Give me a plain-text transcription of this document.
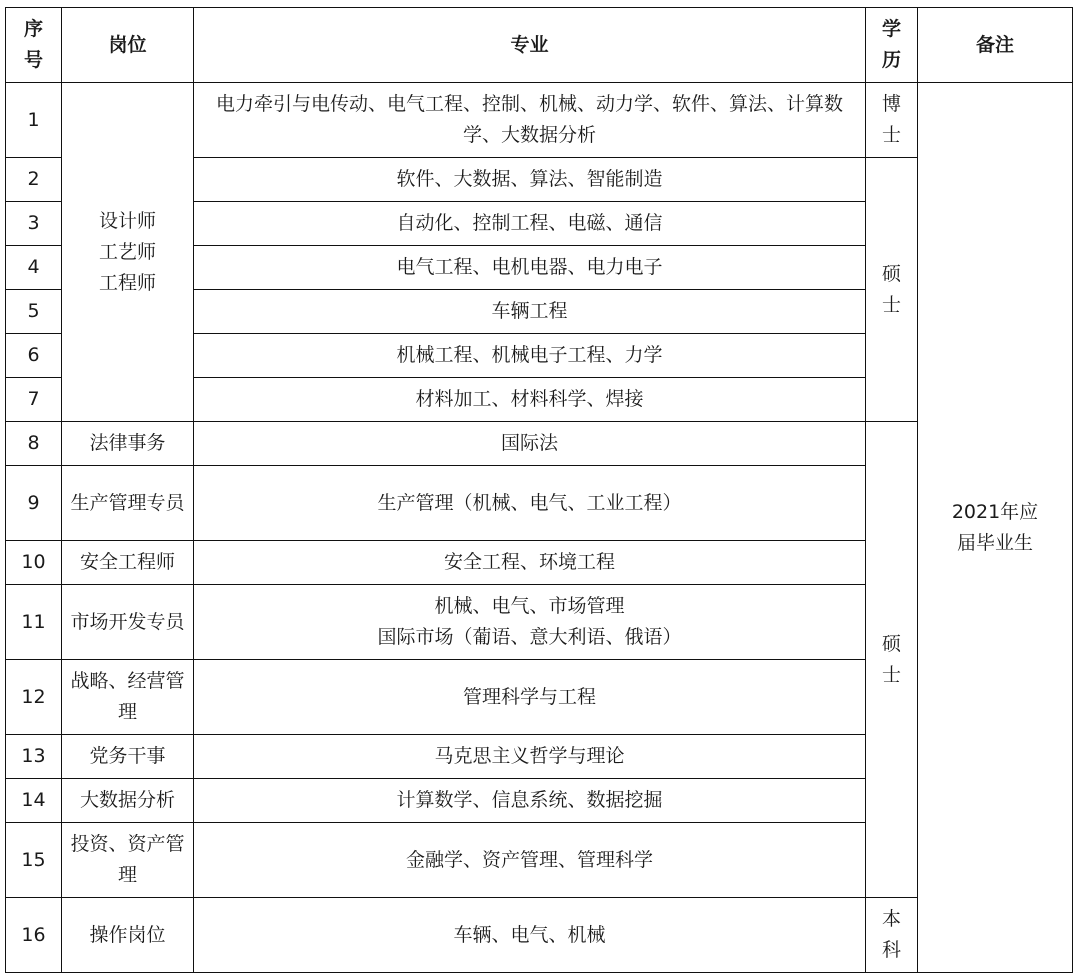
序号	岗位	专业	学历	备注
1	设计师
工艺师
工程师	电力牵引与电传动、电气工程、控制、机械、动力学、软件、算法、计算数学、大数据分析	博士	2021年应届毕业生
2		软件、大数据、算法、智能制造	硕士	
3		自动化、控制工程、电磁、通信		
4		电气工程、电机电器、电力电子		
5		车辆工程		
6		机械工程、机械电子工程、力学		
7		材料加工、材料科学、焊接		
8	法律事务	国际法	硕士	
9	生产管理专员	生产管理（机械、电气、工业工程）		
10	安全工程师	安全工程、环境工程		
11	市场开发专员	机械、电气、市场管理
国际市场（葡语、意大利语、俄语）		

12	战略、经营管理	管理科学与工程		
13	党务干事	马克思主义哲学与理论		
14	大数据分析	计算数学、信息系统、数据挖掘		
15	投资、资产管理	金融学、资产管理、管理科学		
16	操作岗位	车辆、电气、机械	本科	
